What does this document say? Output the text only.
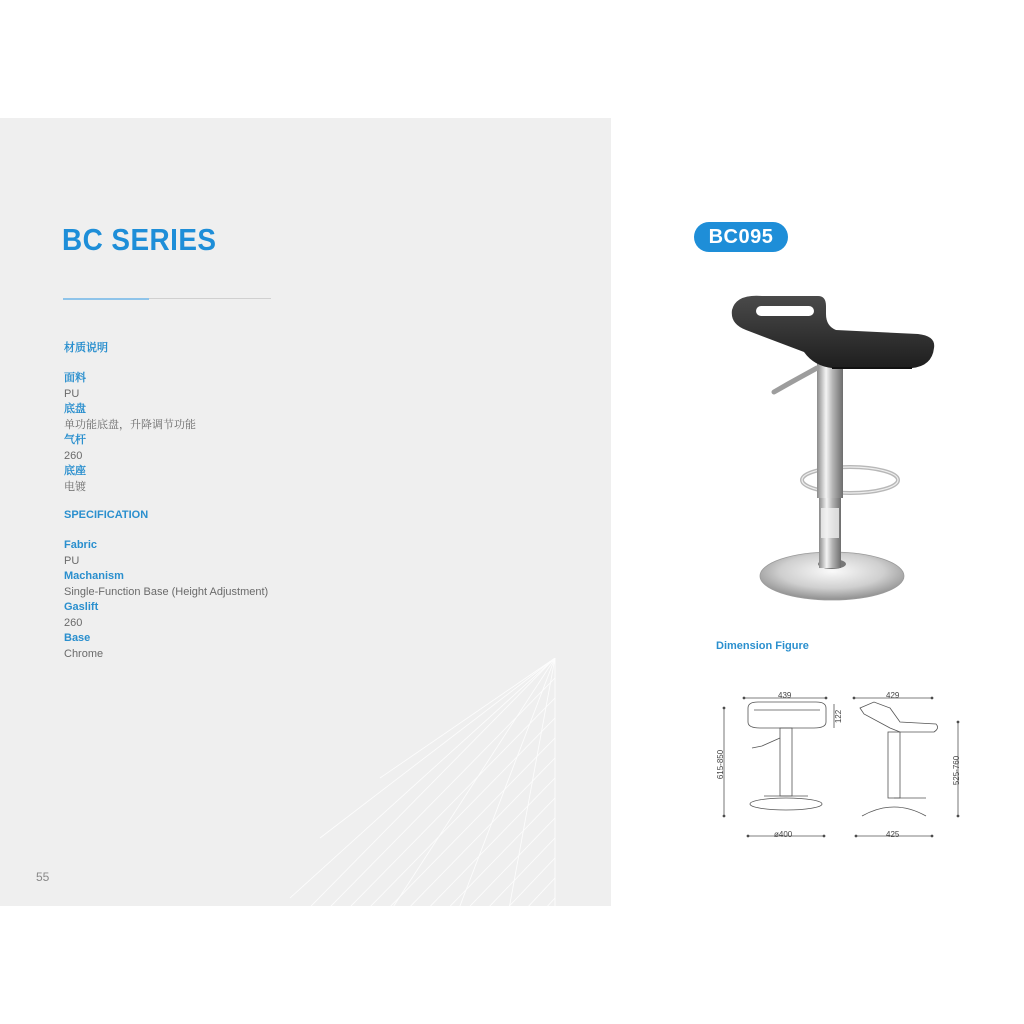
BC SERIES
材质说明
面料
PU
底盘
单功能底盘，升降调节功能
气杆
260
底座
电镀
SPECIFICATION
Fabric
PU
Machanism
Single-Function Base (Height Adjustment)
Gaslift
260
Base
Chrome
55
BC095
Dimension Figure
439
122
615-850
ø400
429
525-760
425
